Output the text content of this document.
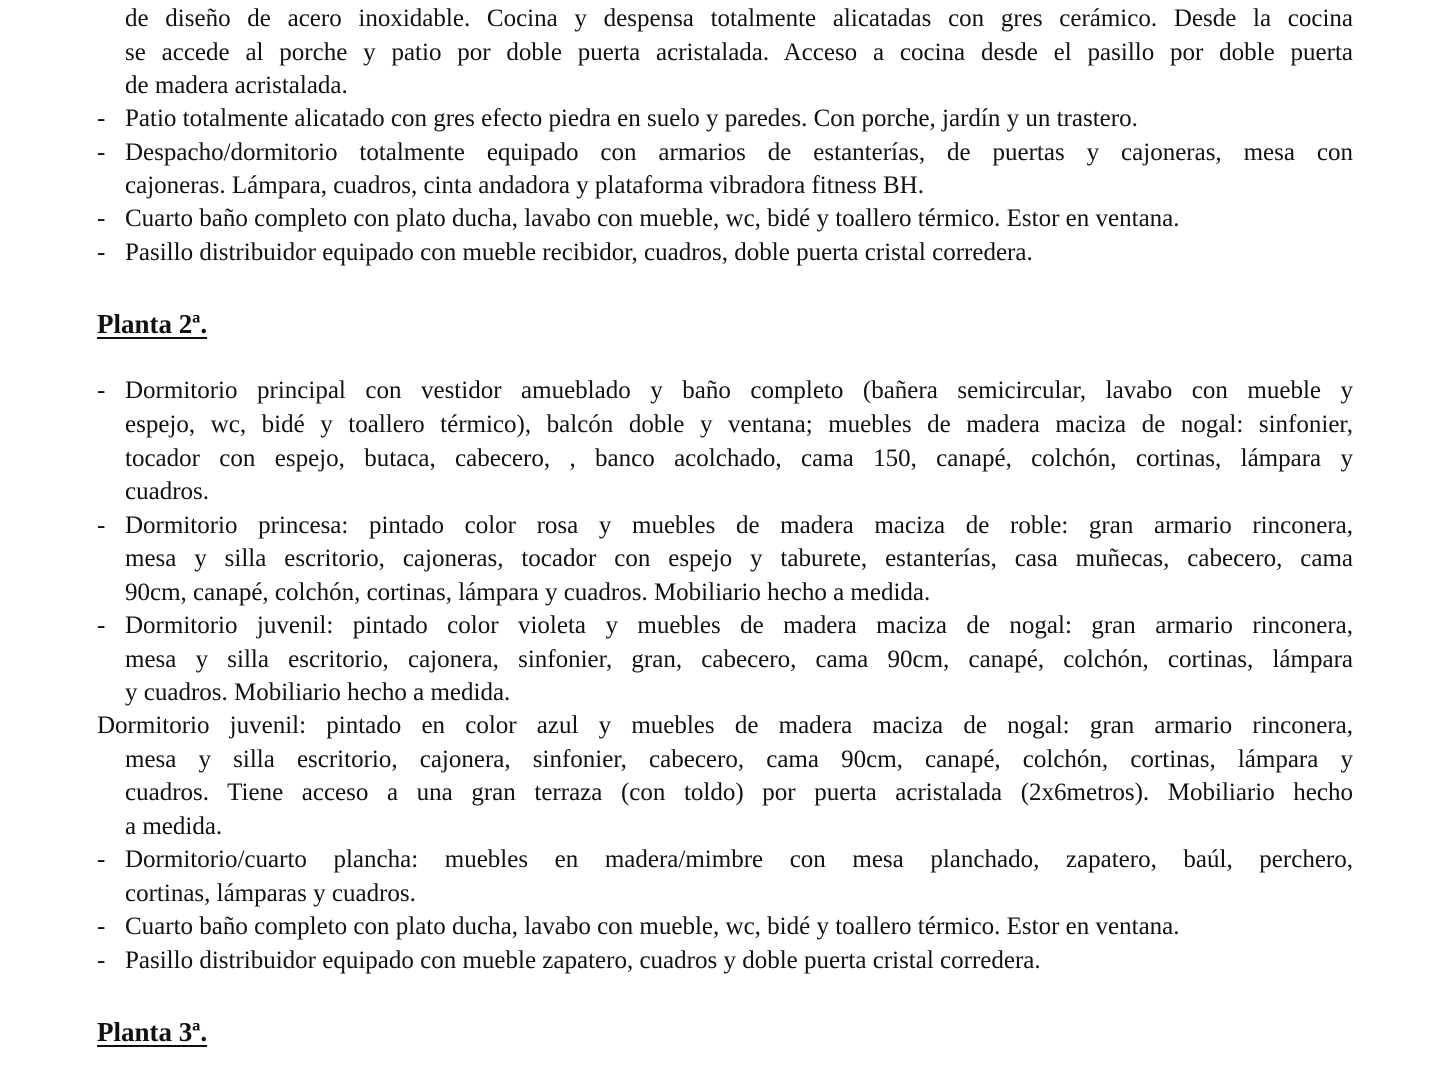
de diseño de acero inoxidable. Cocina y despensa totalmente alicatadas con gres cerámico. Desde la cocina
se accede al porche y patio por doble puerta acristalada. Acceso a cocina desde el pasillo por doble puerta
de madera acristalada.
- Patio totalmente alicatado con gres efecto piedra en suelo y paredes. Con porche, jardín y un trastero.
- Despacho/dormitorio totalmente equipado con armarios de estanterías, de puertas y cajoneras, mesa con
cajoneras. Lámpara, cuadros, cinta andadora y plataforma vibradora fitness BH.
- Cuarto baño completo con plato ducha, lavabo con mueble, wc, bidé y toallero térmico. Estor en ventana.
- Pasillo distribuidor equipado con mueble recibidor, cuadros, doble puerta cristal corredera.
Planta 2ª.
- Dormitorio principal con vestidor amueblado y baño completo (bañera semicircular, lavabo con mueble y
espejo, wc, bidé y toallero térmico), balcón doble y ventana; muebles de madera maciza de nogal: sinfonier,
tocador con espejo, butaca, cabecero, , banco acolchado, cama 150, canapé, colchón, cortinas, lámpara y
cuadros.
- Dormitorio princesa: pintado color rosa y muebles de madera maciza de roble: gran armario rinconera,
mesa y silla escritorio, cajoneras, tocador con espejo y taburete, estanterías, casa muñecas, cabecero, cama
90cm, canapé, colchón, cortinas, lámpara y cuadros. Mobiliario hecho a medida.
- Dormitorio juvenil: pintado color violeta y muebles de madera maciza de nogal: gran armario rinconera,
mesa y silla escritorio, cajonera, sinfonier, gran, cabecero, cama 90cm, canapé, colchón, cortinas, lámpara
y cuadros. Mobiliario hecho a medida.
Dormitorio juvenil: pintado en color azul y muebles de madera maciza de nogal: gran armario rinconera,
mesa y silla escritorio, cajonera, sinfonier, cabecero, cama 90cm, canapé, colchón, cortinas, lámpara y
cuadros. Tiene acceso a una gran terraza (con toldo) por puerta acristalada (2x6metros). Mobiliario hecho
a medida.
- Dormitorio/cuarto plancha: muebles en madera/mimbre con mesa planchado, zapatero, baúl, perchero,
cortinas, lámparas y cuadros.
- Cuarto baño completo con plato ducha, lavabo con mueble, wc, bidé y toallero térmico. Estor en ventana.
- Pasillo distribuidor equipado con mueble zapatero, cuadros y doble puerta cristal corredera.
Planta 3ª.
